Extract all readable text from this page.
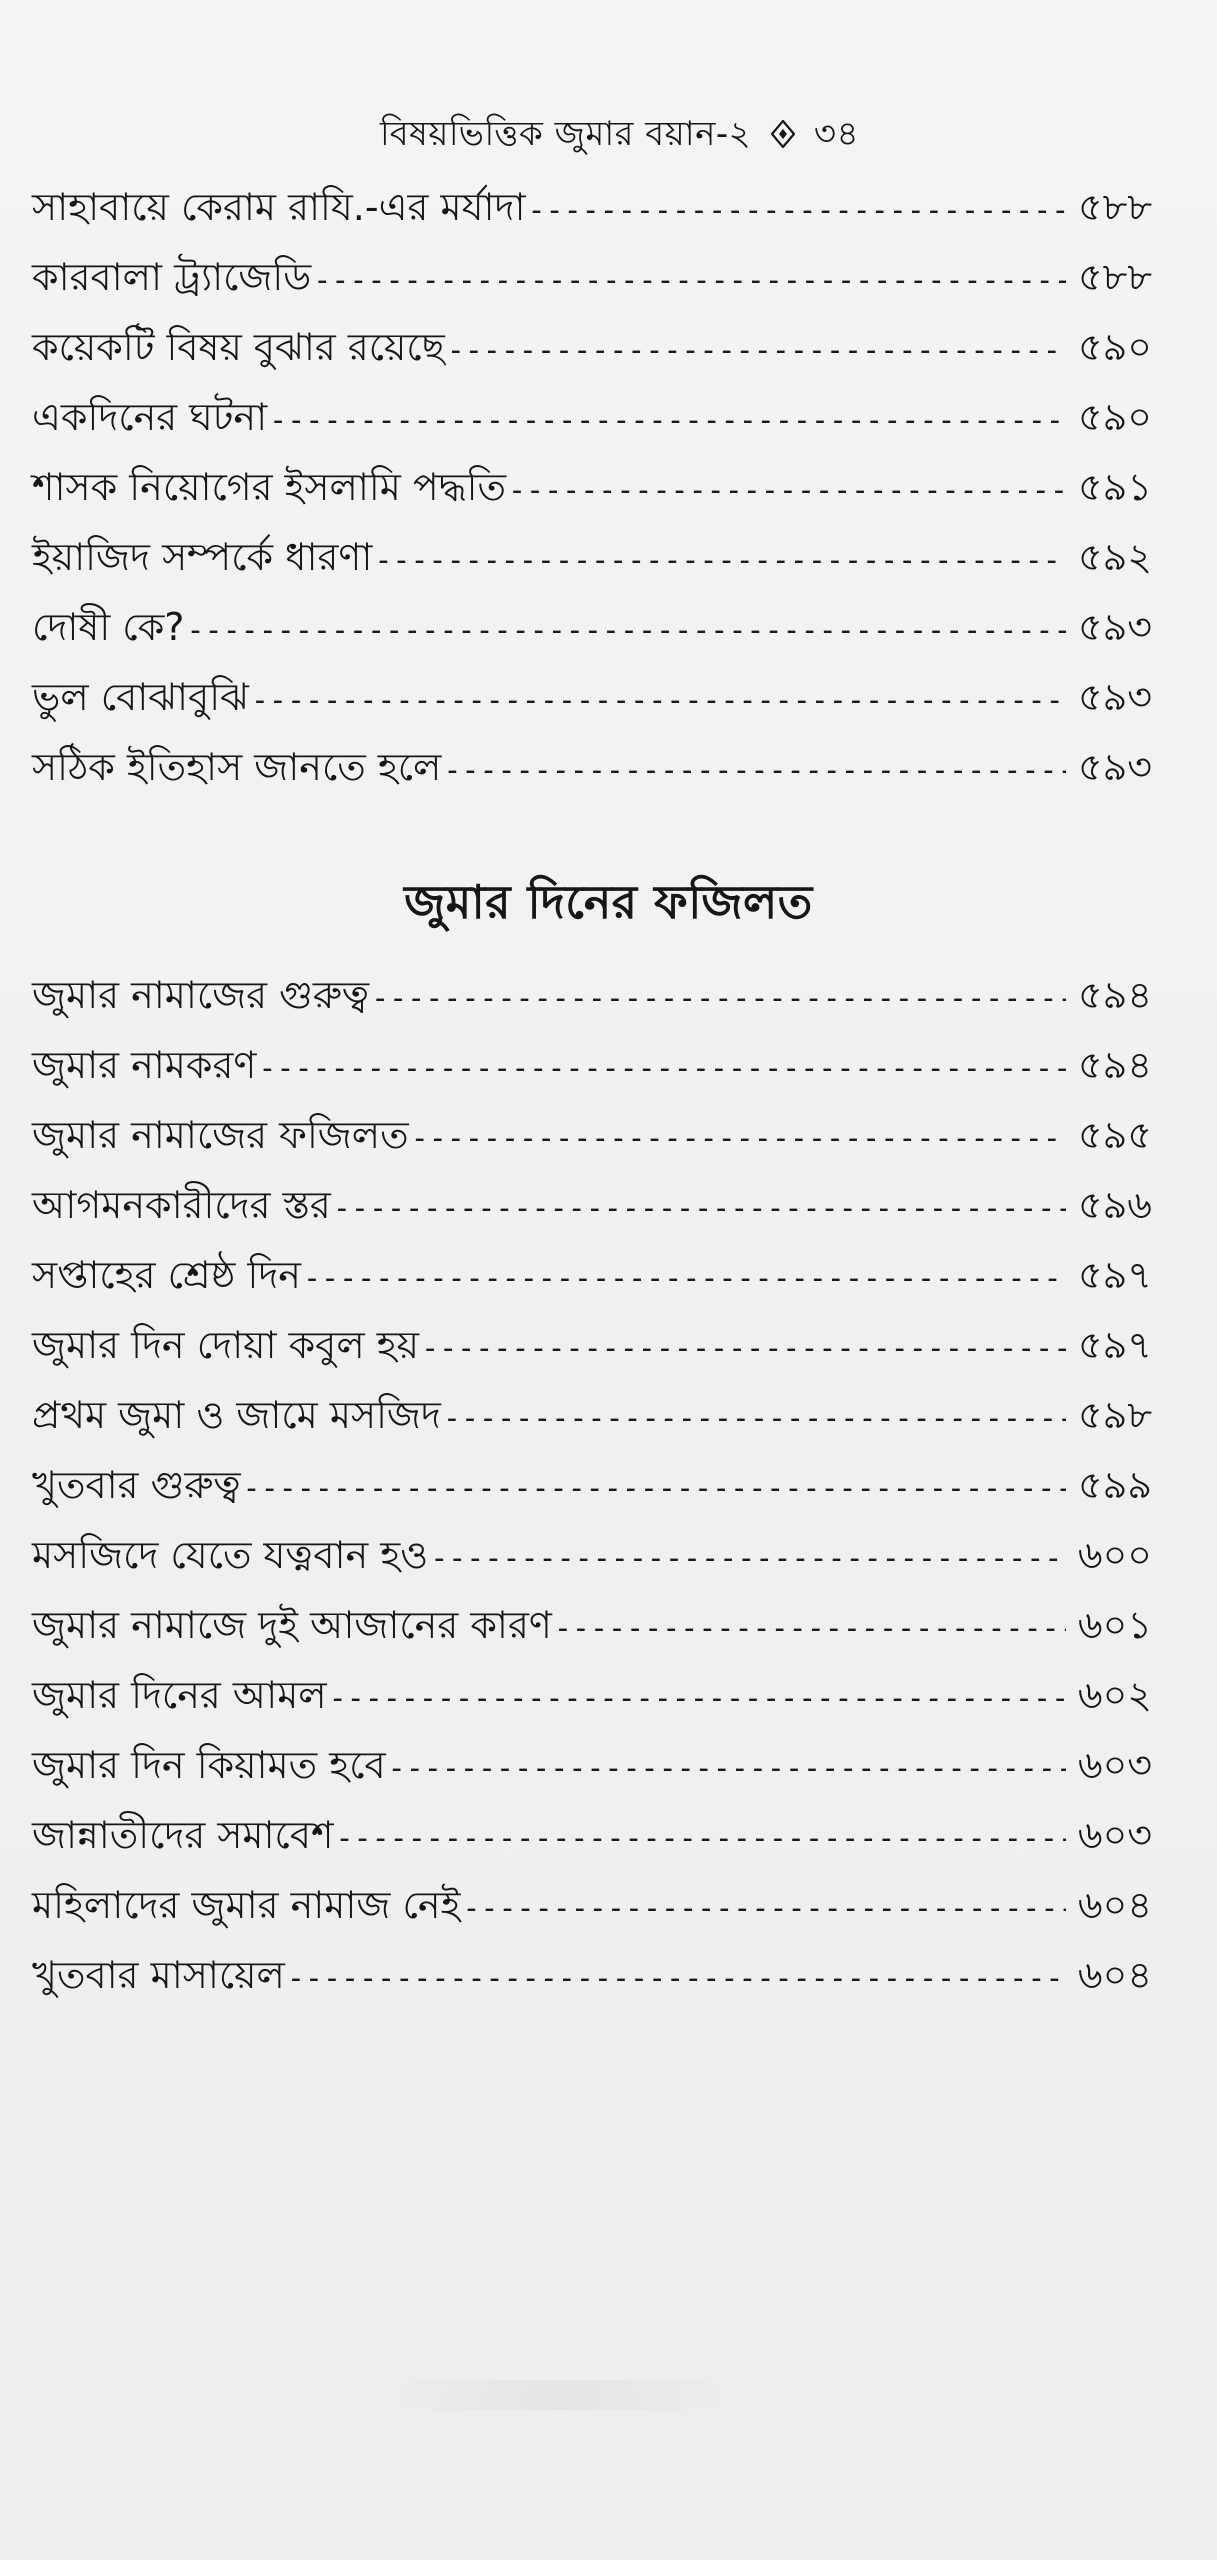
বিষয়ভিত্তিক জুমার বয়ান-২ ৩৪
সাহাবায়ে কেরাম রাযি.-এর মর্যাদা -----	৫৮৮
কারবালা ট্র্যাজেডি -----	৫৮৮
কয়েকটি বিষয় বুঝার রয়েছে -----	৫৯০
একদিনের ঘটনা -----	৫৯০
শাসক নিয়োগের ইসলামি পদ্ধতি -----	৫৯১
ইয়াজিদ সম্পর্কে ধারণা -----	৫৯২
দোষী কে? -----	৫৯৩
ভুল বোঝাবুঝি -----	৫৯৩
সঠিক ইতিহাস জানতে হলে -----	৫৯৩
জুমার দিনের ফজিলত
জুমার নামাজের গুরুত্ব -----	৫৯৪
জুমার নামকরণ -----	৫৯৪
জুমার নামাজের ফজিলত -----	৫৯৫
আগমনকারীদের স্তর -----	৫৯৬
সপ্তাহের শ্রেষ্ঠ দিন -----	৫৯৭
জুমার দিন দোয়া কবুল হয় -----	৫৯৭
প্রথম জুমা ও জামে মসজিদ -----	৫৯৮
খুতবার গুরুত্ব -----	৫৯৯
মসজিদে যেতে যত্নবান হও -----	৬০০
জুমার নামাজে দুই আজানের কারণ -----	৬০১
জুমার দিনের আমল -----	৬০২
জুমার দিন কিয়ামত হবে -----	৬০৩
জান্নাতীদের সমাবেশ -----	৬০৩
মহিলাদের জুমার নামাজ নেই -----	৬০৪
খুতবার মাসায়েল -----	৬০৪
